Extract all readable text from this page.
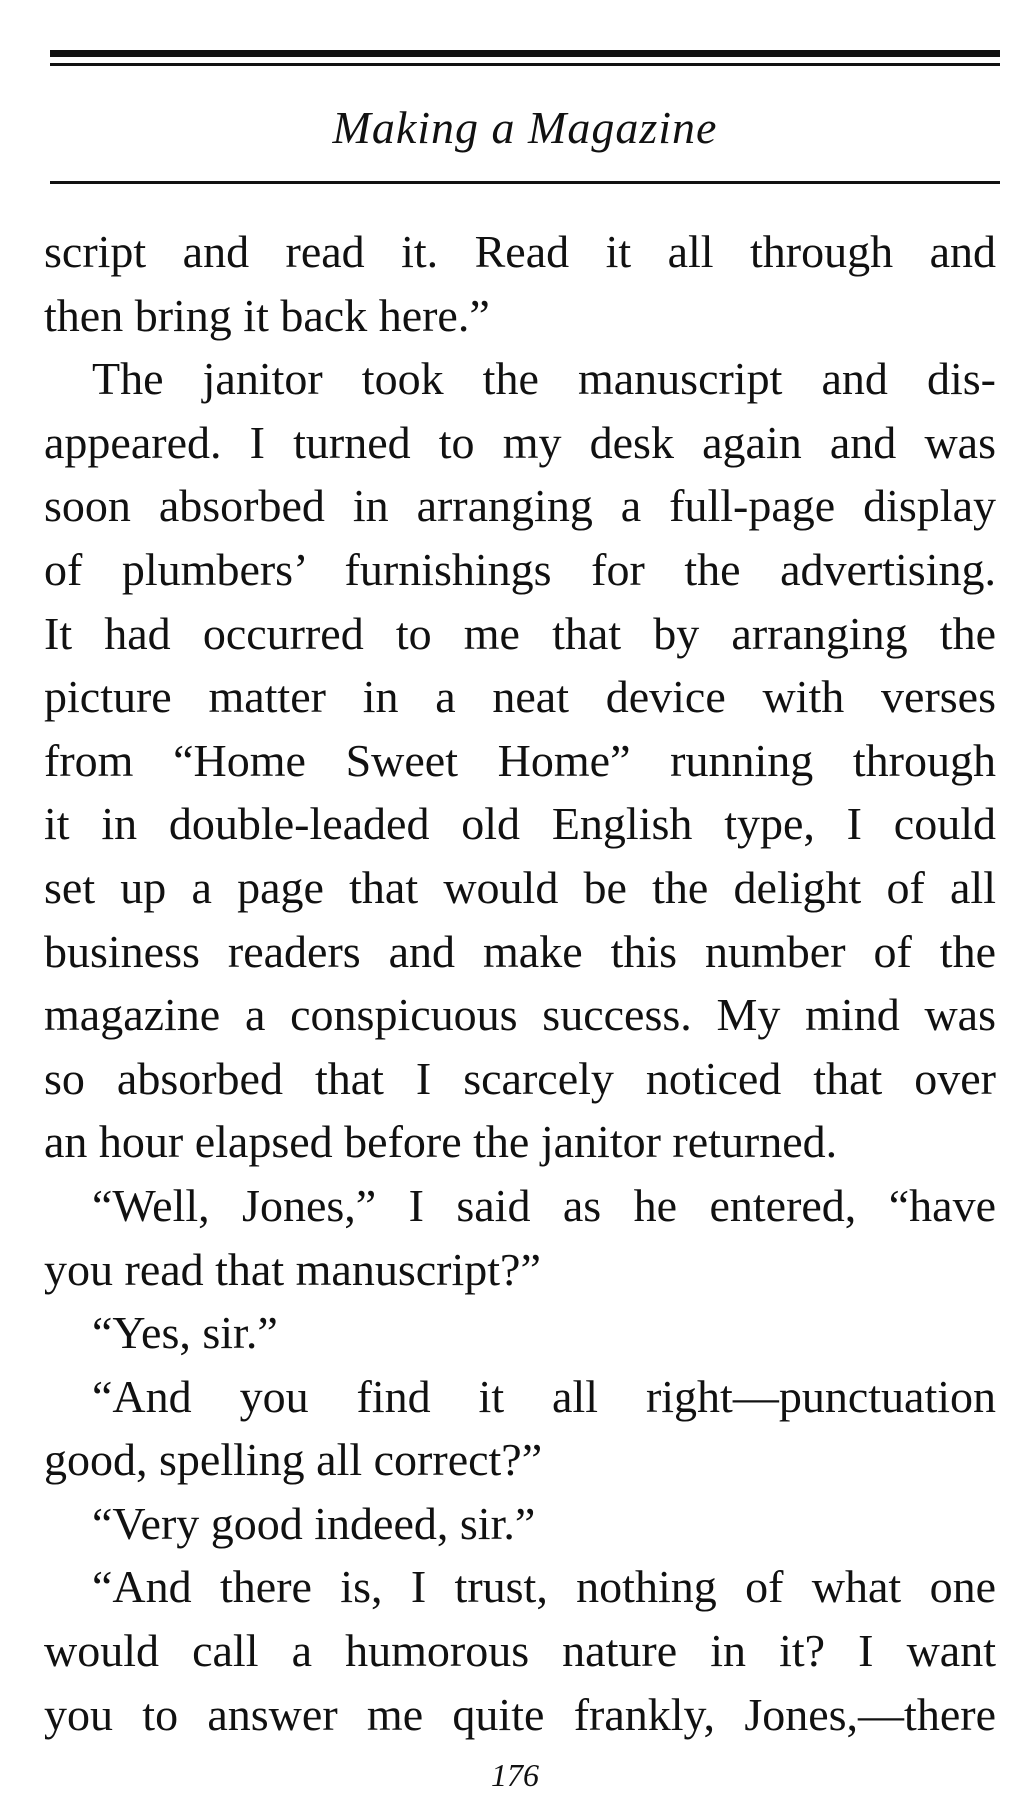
Making a Magazine
script and read it. Read it all through and
then bring it back here.”
The janitor took the manuscript and dis-
appeared. I turned to my desk again and was
soon absorbed in arranging a full-page display
of plumbers’ furnishings for the advertising.
It had occurred to me that by arranging the
picture matter in a neat device with verses
from “Home Sweet Home” running through
it in double-leaded old English type, I could
set up a page that would be the delight of all
business readers and make this number of the
magazine a conspicuous success. My mind was
so absorbed that I scarcely noticed that over
an hour elapsed before the janitor returned.
“Well, Jones,” I said as he entered, “have
you read that manuscript?”
“Yes, sir.”
“And you find it all right—punctuation
good, spelling all correct?”
“Very good indeed, sir.”
“And there is, I trust, nothing of what one
would call a humorous nature in it? I want
you to answer me quite frankly, Jones,—there
176
